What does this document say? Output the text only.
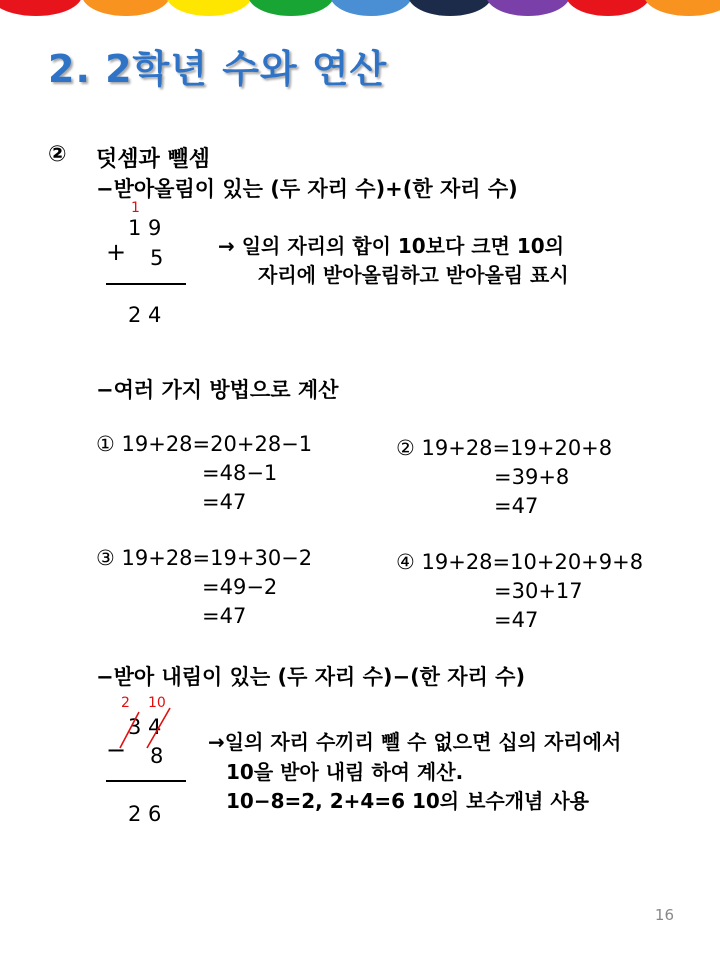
2. 2학년 수와 연산
② 덧셈과 뺄셈
−받아올림이 있는 (두 자리 수)+(한 자리 수)
1
1 9
+ 5
2 4
→ 일의 자리의 합이 10보다 크면 10의
자리에 받아올림하고 받아올림 표시
−여러 가지 방법으로 계산
① 19+28=20+28−1
=48−1
=47
② 19+28=19+20+8
=39+8
=47
③ 19+28=19+30−2
=49−2
=47
④ 19+28=10+20+9+8
=30+17
=47
−받아 내림이 있는 (두 자리 수)−(한 자리 수)
2 10
3 4
− 8
2 6
→일의 자리 수끼리 뺄 수 없으면 십의 자리에서
10을 받아 내림 하여 계산.
10−8=2, 2+4=6 10의 보수개념 사용
16
